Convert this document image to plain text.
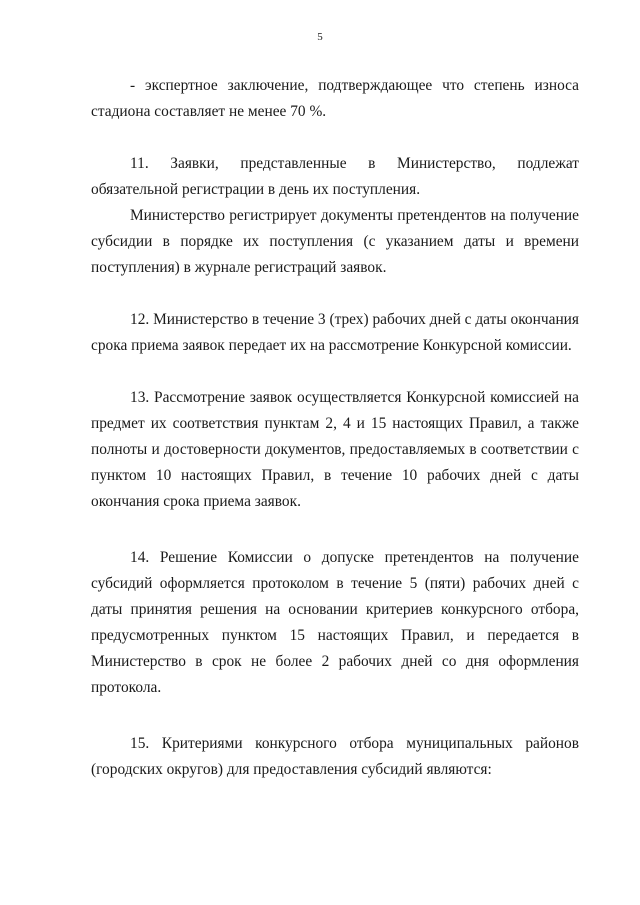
5

- экспертное заключение, подтверждающее что степень износа стадиона составляет не менее 70 %.

11. Заявки, представленные в Министерство, подлежат обязательной регистрации в день их поступления.

Министерство регистрирует документы претендентов на получение субсидии в порядке их поступления (с указанием даты и времени поступления) в журнале регистраций заявок.

12. Министерство в течение 3 (трех) рабочих дней с даты окончания срока приема заявок передает их на рассмотрение Конкурсной комиссии.

13. Рассмотрение заявок осуществляется Конкурсной комиссией на предмет их соответствия пунктам 2, 4 и 15 настоящих Правил, а также полноты и достоверности документов, предоставляемых в соответствии с пунктом 10 настоящих Правил, в течение 10 рабочих дней с даты окончания срока приема заявок.

14. Решение Комиссии о допуске претендентов на получение субсидий оформляется протоколом в течение 5 (пяти) рабочих дней с даты принятия решения на основании критериев конкурсного отбора, предусмотренных пунктом 15 настоящих Правил, и передается в Министерство в срок не более 2 рабочих дней со дня оформления протокола.

15. Критериями конкурсного отбора муниципальных районов (городских округов) для предоставления субсидий являются:
